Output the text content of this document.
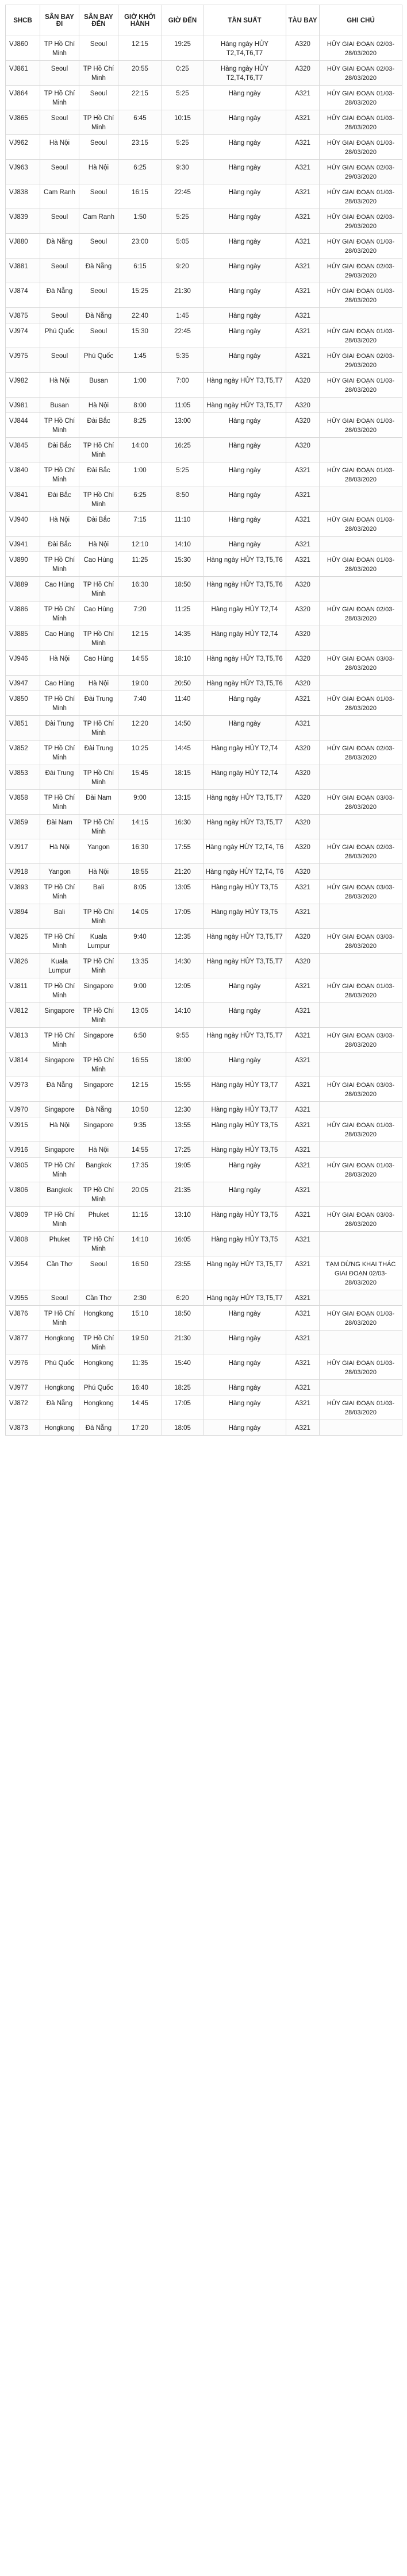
SHCB	SÂN BAY ĐI	SÂN BAY ĐẾN	GIỜ KHỞI HÀNH	GIỜ ĐẾN	TẦN SUẤT	TÀU BAY	GHI CHÚ
VJ860	TP Hồ Chí Minh	Seoul	12:15	19:25	Hàng ngày HỦY T2,T4,T6,T7	A320	HỦY GIAI ĐOẠN 02/03-28/03/2020
VJ861	Seoul	TP Hồ Chí Minh	20:55	0:25	Hàng ngày HỦY T2,T4,T6,T7	A320	HỦY GIAI ĐOẠN 02/03-28/03/2020
VJ864	TP Hồ Chí Minh	Seoul	22:15	5:25	Hàng ngày	A321	HỦY GIAI ĐOẠN 01/03-28/03/2020
VJ865	Seoul	TP Hồ Chí Minh	6:45	10:15	Hàng ngày	A321	HỦY GIAI ĐOẠN 01/03-28/03/2020
VJ962	Hà Nội	Seoul	23:15	5:25	Hàng ngày	A321	HỦY GIAI ĐOẠN 01/03-28/03/2020
VJ963	Seoul	Hà Nội	6:25	9:30	Hàng ngày	A321	HỦY GIAI ĐOẠN 02/03-29/03/2020
VJ838	Cam Ranh	Seoul	16:15	22:45	Hàng ngày	A321	HỦY GIAI ĐOẠN 01/03-28/03/2020
VJ839	Seoul	Cam Ranh	1:50	5:25	Hàng ngày	A321	HỦY GIAI ĐOẠN 02/03-29/03/2020
VJ880	Đà Nẵng	Seoul	23:00	5:05	Hàng ngày	A321	HỦY GIAI ĐOẠN 01/03-28/03/2020
VJ881	Seoul	Đà Nẵng	6:15	9:20	Hàng ngày	A321	HỦY GIAI ĐOẠN 02/03-29/03/2020
VJ874	Đà Nẵng	Seoul	15:25	21:30	Hàng ngày	A321	HỦY GIAI ĐOẠN 01/03-28/03/2020
VJ875	Seoul	Đà Nẵng	22:40	1:45	Hàng ngày	A321	
VJ974	Phú Quốc	Seoul	15:30	22:45	Hàng ngày	A321	HỦY GIAI ĐOẠN 01/03-28/03/2020
VJ975	Seoul	Phú Quốc	1:45	5:35	Hàng ngày	A321	HỦY GIAI ĐOẠN 02/03-29/03/2020
VJ982	Hà Nội	Busan	1:00	7:00	Hàng ngày HỦY T3,T5,T7	A320	HỦY GIAI ĐOẠN 01/03-28/03/2020
VJ981	Busan	Hà Nội	8:00	11:05	Hàng ngày HỦY T3,T5,T7	A320	
VJ844	TP Hồ Chí Minh	Đài Bắc	8:25	13:00	Hàng ngày	A320	HỦY GIAI ĐOẠN 01/03-28/03/2020
VJ845	Đài Bắc	TP Hồ Chí Minh	14:00	16:25	Hàng ngày	A320	
VJ840	TP Hồ Chí Minh	Đài Bắc	1:00	5:25	Hàng ngày	A321	HỦY GIAI ĐOẠN 01/03-28/03/2020
VJ841	Đài Bắc	TP Hồ Chí Minh	6:25	8:50	Hàng ngày	A321	
VJ940	Hà Nội	Đài Bắc	7:15	11:10	Hàng ngày	A321	HỦY GIAI ĐOẠN 01/03-28/03/2020
VJ941	Đài Bắc	Hà Nội	12:10	14:10	Hàng ngày	A321	
VJ890	TP Hồ Chí Minh	Cao Hùng	11:25	15:30	Hàng ngày HỦY T3,T5,T6	A321	HỦY GIAI ĐOẠN 01/03-28/03/2020
VJ889	Cao Hùng	TP Hồ Chí Minh	16:30	18:50	Hàng ngày HỦY T3,T5,T6	A320	
VJ886	TP Hồ Chí Minh	Cao Hùng	7:20	11:25	Hàng ngày HỦY T2,T4	A320	HỦY GIAI ĐOẠN 02/03-28/03/2020
VJ885	Cao Hùng	TP Hồ Chí Minh	12:15	14:35	Hàng ngày HỦY T2,T4	A320	
VJ946	Hà Nội	Cao Hùng	14:55	18:10	Hàng ngày HỦY T3,T5,T6	A320	HỦY GIAI ĐOẠN 03/03-28/03/2020
VJ947	Cao Hùng	Hà Nội	19:00	20:50	Hàng ngày HỦY T3,T5,T6	A320	
VJ850	TP Hồ Chí Minh	Đài Trung	7:40	11:40	Hàng ngày	A321	HỦY GIAI ĐOẠN 01/03-28/03/2020
VJ851	Đài Trung	TP Hồ Chí Minh	12:20	14:50	Hàng ngày	A321	
VJ852	TP Hồ Chí Minh	Đài Trung	10:25	14:45	Hàng ngày HỦY T2,T4	A320	HỦY GIAI ĐOẠN 02/03-28/03/2020
VJ853	Đài Trung	TP Hồ Chí Minh	15:45	18:15	Hàng ngày HỦY T2,T4	A320	
VJ858	TP Hồ Chí Minh	Đài Nam	9:00	13:15	Hàng ngày HỦY T3,T5,T7	A320	HỦY GIAI ĐOẠN 03/03-28/03/2020
VJ859	Đài Nam	TP Hồ Chí Minh	14:15	16:30	Hàng ngày HỦY T3,T5,T7	A320	
VJ917	Hà Nội	Yangon	16:30	17:55	Hàng ngày HỦY T2,T4, T6	A320	HỦY GIAI ĐOẠN 02/03-28/03/2020
VJ918	Yangon	Hà Nội	18:55	21:20	Hàng ngày HỦY T2,T4, T6	A320	
VJ893	TP Hồ Chí Minh	Bali	8:05	13:05	Hàng ngày HỦY T3,T5	A321	HỦY GIAI ĐOẠN 03/03-28/03/2020
VJ894	Bali	TP Hồ Chí Minh	14:05	17:05	Hàng ngày HỦY T3,T5	A321	
VJ825	TP Hồ Chí Minh	Kuala Lumpur	9:40	12:35	Hàng ngày HỦY T3,T5,T7	A320	HỦY GIAI ĐOẠN 03/03-28/03/2020
VJ826	Kuala Lumpur	TP Hồ Chí Minh	13:35	14:30	Hàng ngày HỦY T3,T5,T7	A320	
VJ811	TP Hồ Chí Minh	Singapore	9:00	12:05	Hàng ngày	A321	HỦY GIAI ĐOẠN 01/03-28/03/2020
VJ812	Singapore	TP Hồ Chí Minh	13:05	14:10	Hàng ngày	A321	
VJ813	TP Hồ Chí Minh	Singapore	6:50	9:55	Hàng ngày HỦY T3,T5,T7	A321	HỦY GIAI ĐOẠN 03/03-28/03/2020
VJ814	Singapore	TP Hồ Chí Minh	16:55	18:00	Hàng ngày	A321	
VJ973	Đà Nẵng	Singapore	12:15	15:55	Hàng ngày HỦY T3,T7	A321	HỦY GIAI ĐOẠN 03/03-28/03/2020
VJ970	Singapore	Đà Nẵng	10:50	12:30	Hàng ngày HỦY T3,T7	A321	
VJ915	Hà Nội	Singapore	9:35	13:55	Hàng ngày HỦY T3,T5	A321	HỦY GIAI ĐOẠN 01/03-28/03/2020
VJ916	Singapore	Hà Nội	14:55	17:25	Hàng ngày HỦY T3,T5	A321	
VJ805	TP Hồ Chí Minh	Bangkok	17:35	19:05	Hàng ngày	A321	HỦY GIAI ĐOẠN 01/03-28/03/2020
VJ806	Bangkok	TP Hồ Chí Minh	20:05	21:35	Hàng ngày	A321	
VJ809	TP Hồ Chí Minh	Phuket	11:15	13:10	Hàng ngày HỦY T3,T5	A321	HỦY GIAI ĐOẠN 03/03-28/03/2020
VJ808	Phuket	TP Hồ Chí Minh	14:10	16:05	Hàng ngày HỦY T3,T5	A321	
VJ954	Cần Thơ	Seoul	16:50	23:55	Hàng ngày HỦY T3,T5,T7	A321	TẠM DỪNG KHAI THÁC GIAI ĐOẠN 02/03-28/03/2020
VJ955	Seoul	Cần Thơ	2:30	6:20	Hàng ngày HỦY T3,T5,T7	A321	
VJ876	TP Hồ Chí Minh	Hongkong	15:10	18:50	Hàng ngày	A321	HỦY GIAI ĐOẠN 01/03-28/03/2020
VJ877	Hongkong	TP Hồ Chí Minh	19:50	21:30	Hàng ngày	A321	
VJ976	Phú Quốc	Hongkong	11:35	15:40	Hàng ngày	A321	HỦY GIAI ĐOẠN 01/03-28/03/2020
VJ977	Hongkong	Phú Quốc	16:40	18:25	Hàng ngày	A321	
VJ872	Đà Nẵng	Hongkong	14:45	17:05	Hàng ngày	A321	HỦY GIAI ĐOẠN 01/03-28/03/2020
VJ873	Hongkong	Đà Nẵng	17:20	18:05	Hàng ngày	A321	
